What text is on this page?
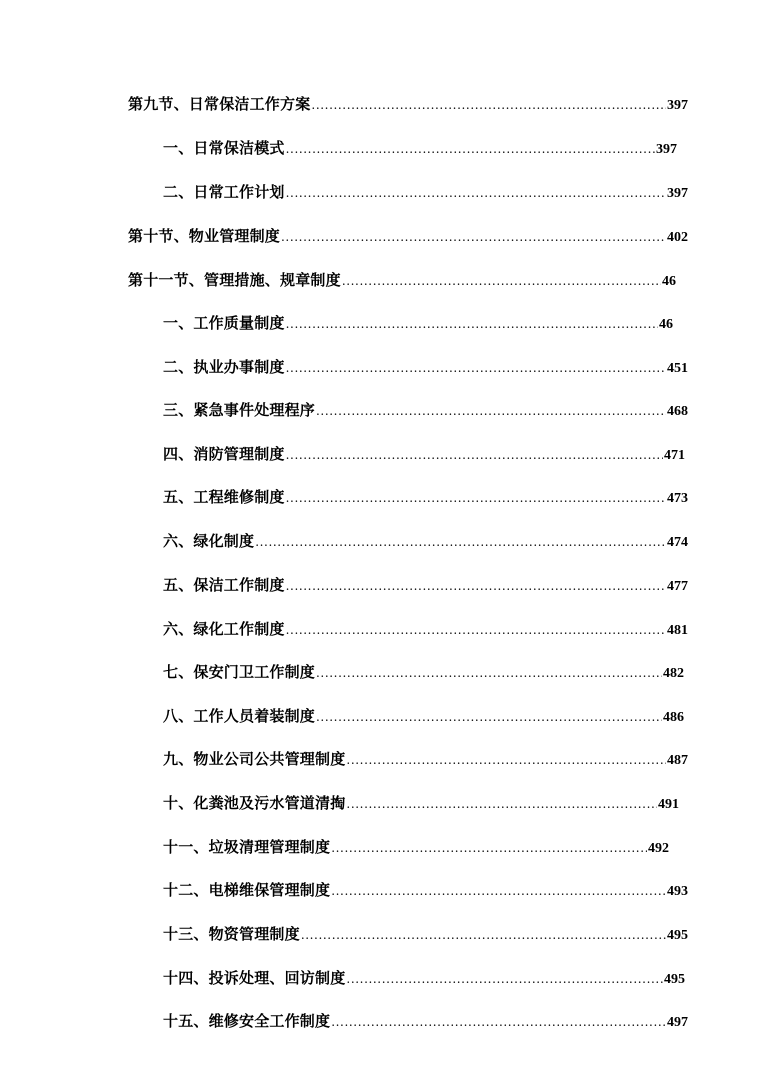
第九节、日常保洁工作方案 .....	397
一、日常保洁模式 .....	397
二、日常工作计划 .....	397
第十节、物业管理制度 .....	402
第十一节、管理措施、规章制度 .....	46
一、工作质量制度 .....	46
二、执业办事制度 .....	451
三、紧急事件处理程序 .....	468
四、消防管理制度 .....	471
五、工程维修制度 .....	473
六、绿化制度 .....	474
五、保洁工作制度 .....	477
六、绿化工作制度 .....	481
七、保安门卫工作制度 .....	482
八、工作人员着装制度 .....	486
九、物业公司公共管理制度 .....	487
十、化粪池及污水管道清掏 .....	491
十一、垃圾清理管理制度 .....	492
十二、电梯维保管理制度 .....	493
十三、物资管理制度 .....	495
十四、投诉处理、回访制度 .....	495
十五、维修安全工作制度 .....	497
